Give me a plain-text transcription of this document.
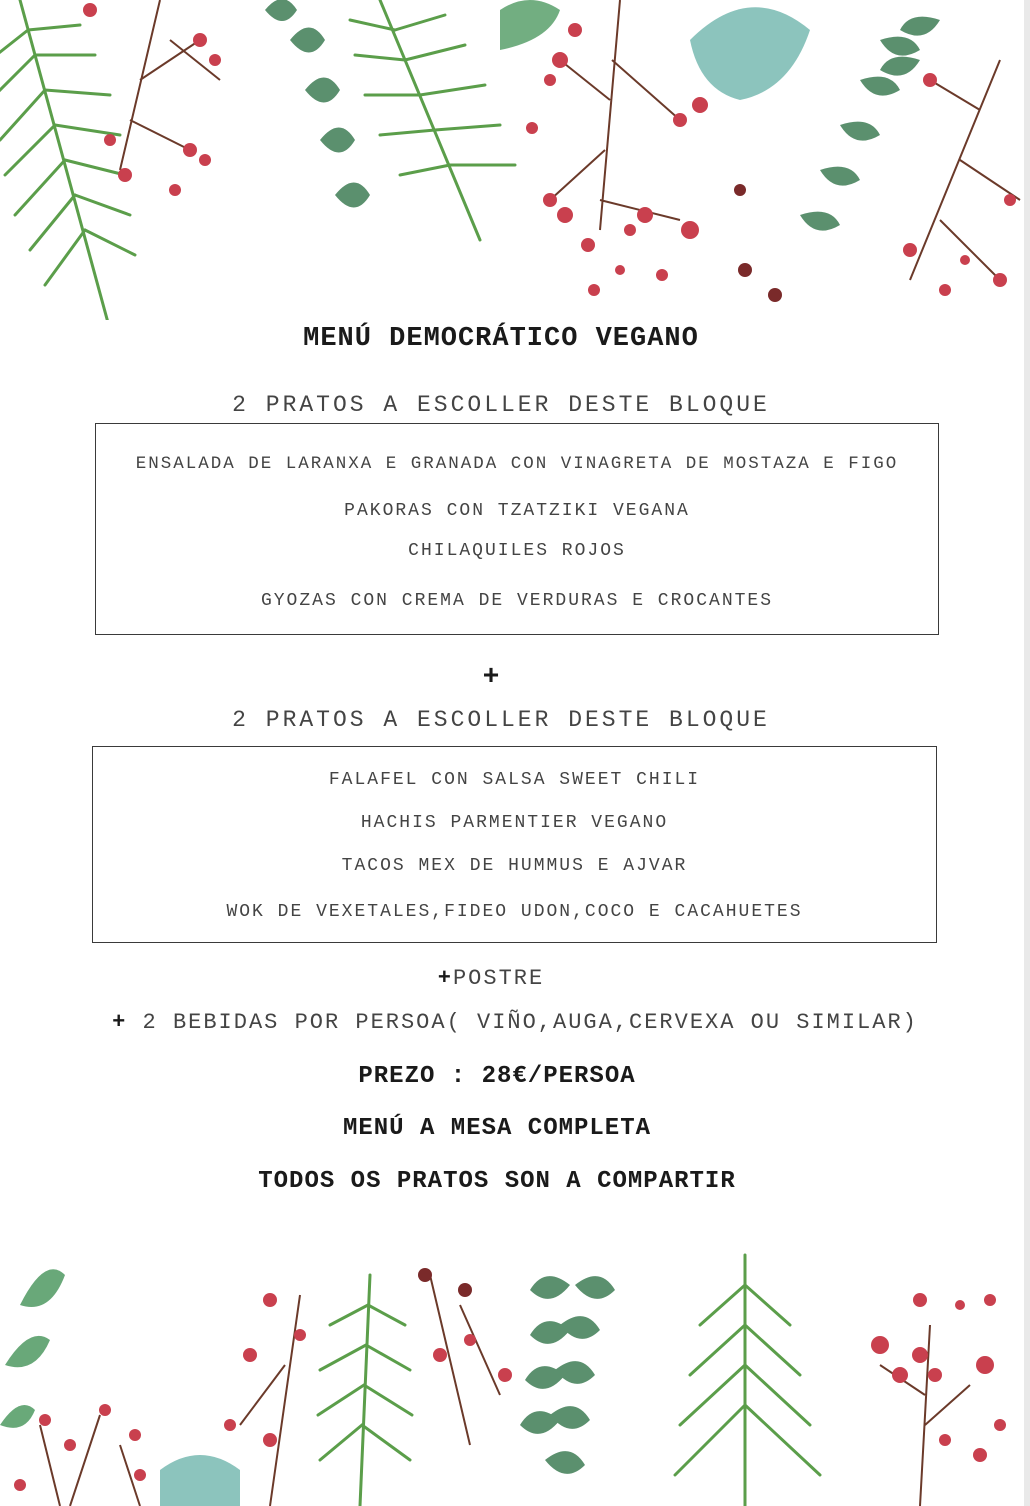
MENÚ DEMOCRÁTICO VEGANO
2 PRATOS A ESCOLLER DESTE BLOQUE
ENSALADA DE LARANXA E GRANADA CON VINAGRETA DE MOSTAZA E FIGO
PAKORAS CON TZATZIKI VEGANA
CHILAQUILES ROJOS
GYOZAS CON CREMA DE VERDURAS E CROCANTES
+
2 PRATOS A ESCOLLER DESTE BLOQUE
FALAFEL CON SALSA SWEET CHILI
HACHIS PARMENTIER VEGANO
TACOS MEX DE HUMMUS E AJVAR
WOK DE VEXETALES,FIDEO UDON,COCO E CACAHUETES
+POSTRE
+ 2 BEBIDAS POR PERSOA( VIÑO,AUGA,CERVEXA OU SIMILAR)
PREZO : 28€/PERSOA
MENÚ A MESA COMPLETA
TODOS OS PRATOS SON A COMPARTIR
